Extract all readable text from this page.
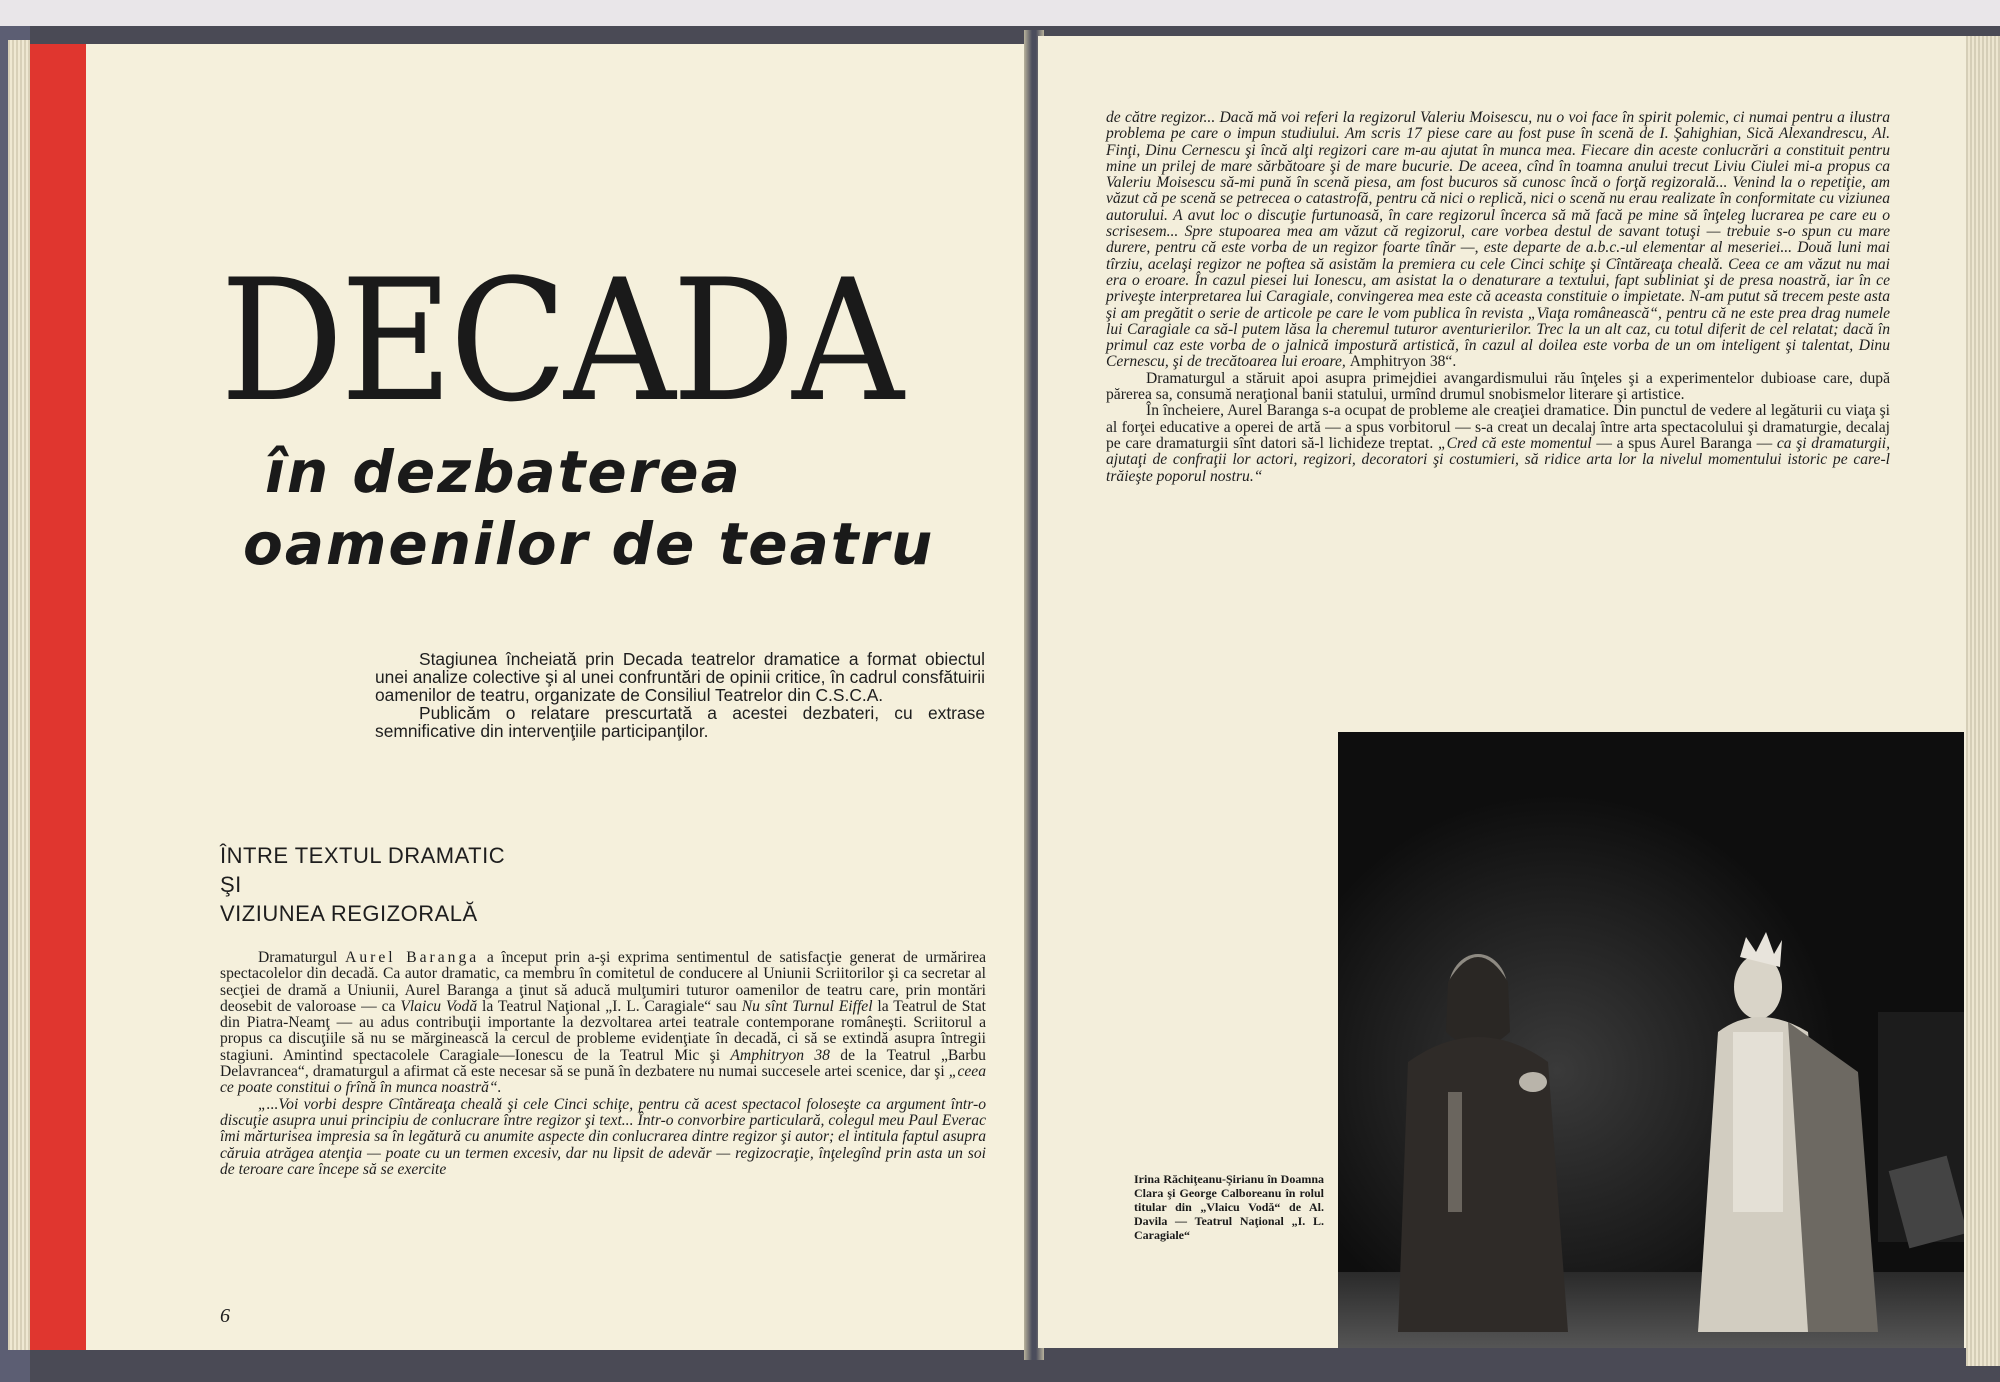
DECADA
în dezbaterea
oamenilor de teatru

Stagiunea încheiată prin Decada teatrelor dramatice a format obiectul unei analize colective şi al unei confruntări de opinii critice, în cadrul consfătuirii oamenilor de teatru, organizate de Consiliul Teatrelor din C.S.C.A.

Publicăm o relatare prescurtată a acestei dezbateri, cu extrase semnificative din intervenţiile participanţilor.

ÎNTRE TEXTUL DRAMATIC
ŞI
VIZIUNEA REGIZORALĂ

Dramaturgul Aurel Baranga a început prin a-şi exprima sentimentul de satisfacţie generat de urmărirea spectacolelor din decadă. Ca autor dramatic, ca membru în comitetul de conducere al Uniunii Scriitorilor şi ca secretar al secţiei de dramă a Uniunii, Aurel Baranga a ţinut să aducă mulţumiri tuturor oamenilor de teatru care, prin montări deosebit de valoroase — ca Vlaicu Vodă la Teatrul Naţional „I. L. Caragiale“ sau Nu sînt Turnul Eiffel la Teatrul de Stat din Piatra-Neamţ — au adus contribuţii importante la dezvoltarea artei teatrale contemporane româneşti. Scriitorul a propus ca discuţiile să nu se mărginească la cercul de probleme evidenţiate în decadă, ci să se extindă asupra întregii stagiuni. Amintind spectacolele Caragiale—Ionescu de la Teatrul Mic şi Amphitryon 38 de la Teatrul „Barbu Delavrancea“, dramaturgul a afirmat că este necesar să se pună în dezbatere nu numai succesele artei scenice, dar şi „ceea ce poate constitui o frînă în munca noastră“.

„...Voi vorbi despre Cîntăreaţa chealǎ şi cele Cinci schiţe, pentru că acest spectacol foloseşte ca argument într-o discuţie asupra unui principiu de conlucrare între regizor şi text... Într-o convorbire particulară, colegul meu Paul Everac îmi mărturisea impresia sa în legătură cu anumite aspecte din conlucrarea dintre regizor şi autor; el intitula faptul asupra căruia atrăgea atenţia — poate cu un termen excesiv, dar nu lipsit de adevăr — regizocraţie, înţelegînd prin asta un soi de teroare care începe să se exercite

6

de către regizor... Dacă mă voi referi la regizorul Valeriu Moisescu, nu o voi face în spirit polemic, ci numai pentru a ilustra problema pe care o impun studiului. Am scris 17 piese care au fost puse în scenă de I. Şahighian, Sică Alexandrescu, Al. Finţi, Dinu Cernescu şi încă alţi regizori care m-au ajutat în munca mea. Fiecare din aceste conlucrări a constituit pentru mine un prilej de mare sărbătoare şi de mare bucurie. De aceea, cînd în toamna anului trecut Liviu Ciulei mi-a propus ca Valeriu Moisescu să-mi pună în scenă piesa, am fost bucuros să cunosc încă o forţă regizorală... Venind la o repetiţie, am văzut că pe scenă se petrecea o catastrofă, pentru că nici o replică, nici o scenă nu erau realizate în conformitate cu viziunea autorului. A avut loc o discuţie furtunoasă, în care regizorul încerca să mă facă pe mine să înţeleg lucrarea pe care eu o scrisesem... Spre stupoarea mea am văzut că regizorul, care vorbea destul de savant totuşi — trebuie s-o spun cu mare durere, pentru că este vorba de un regizor foarte tînăr —, este departe de a.b.c.-ul elementar al meseriei... Două luni mai tîrziu, acelaşi regizor ne poftea să asistăm la premiera cu cele Cinci schiţe şi Cîntăreaţa chealǎ. Ceea ce am văzut nu mai era o eroare. În cazul piesei lui Ionescu, am asistat la o denaturare a textului, fapt subliniat şi de presa noastră, iar în ce priveşte interpretarea lui Caragiale, convingerea mea este că aceasta constituie o impietate. N-am putut să trecem peste asta şi am pregătit o serie de articole pe care le vom publica în revista „Viaţa românească“, pentru că ne este prea drag numele lui Caragiale ca să-l putem lăsa la cheremul tuturor aventurierilor. Trec la un alt caz, cu totul diferit de cel relatat; dacă în primul caz este vorba de o jalnică impostură artistică, în cazul al doilea este vorba de un om inteligent şi talentat, Dinu Cernescu, şi de trecătoarea lui eroare, Amphitryon 38“.

Dramaturgul a stăruit apoi asupra primejdiei avangardismului rău înţeles şi a experimentelor dubioase care, după părerea sa, consumă neraţional banii statului, urmînd drumul snobismelor literare şi artistice.

În încheiere, Aurel Baranga s-a ocupat de probleme ale creaţiei dramatice. Din punctul de vedere al legăturii cu viaţa şi al forţei educative a operei de artă — a spus vorbitorul — s-a creat un decalaj între arta spectacolului şi dramaturgie, decalaj pe care dramaturgii sînt datori să-l lichideze treptat. „Cred că este momentul — a spus Aurel Baranga — ca şi dramaturgii, ajutaţi de confraţii lor actori, regizori, decoratori şi costumieri, să ridice arta lor la nivelul momentului istoric pe care-l trăieşte poporul nostru.“

Irina Răchiţeanu-Şirianu în Doamna Clara şi George Calboreanu în rolul titular din „Vlaicu Vodă“ de Al. Davila — Teatrul Naţional „I. L. Caragiale“
